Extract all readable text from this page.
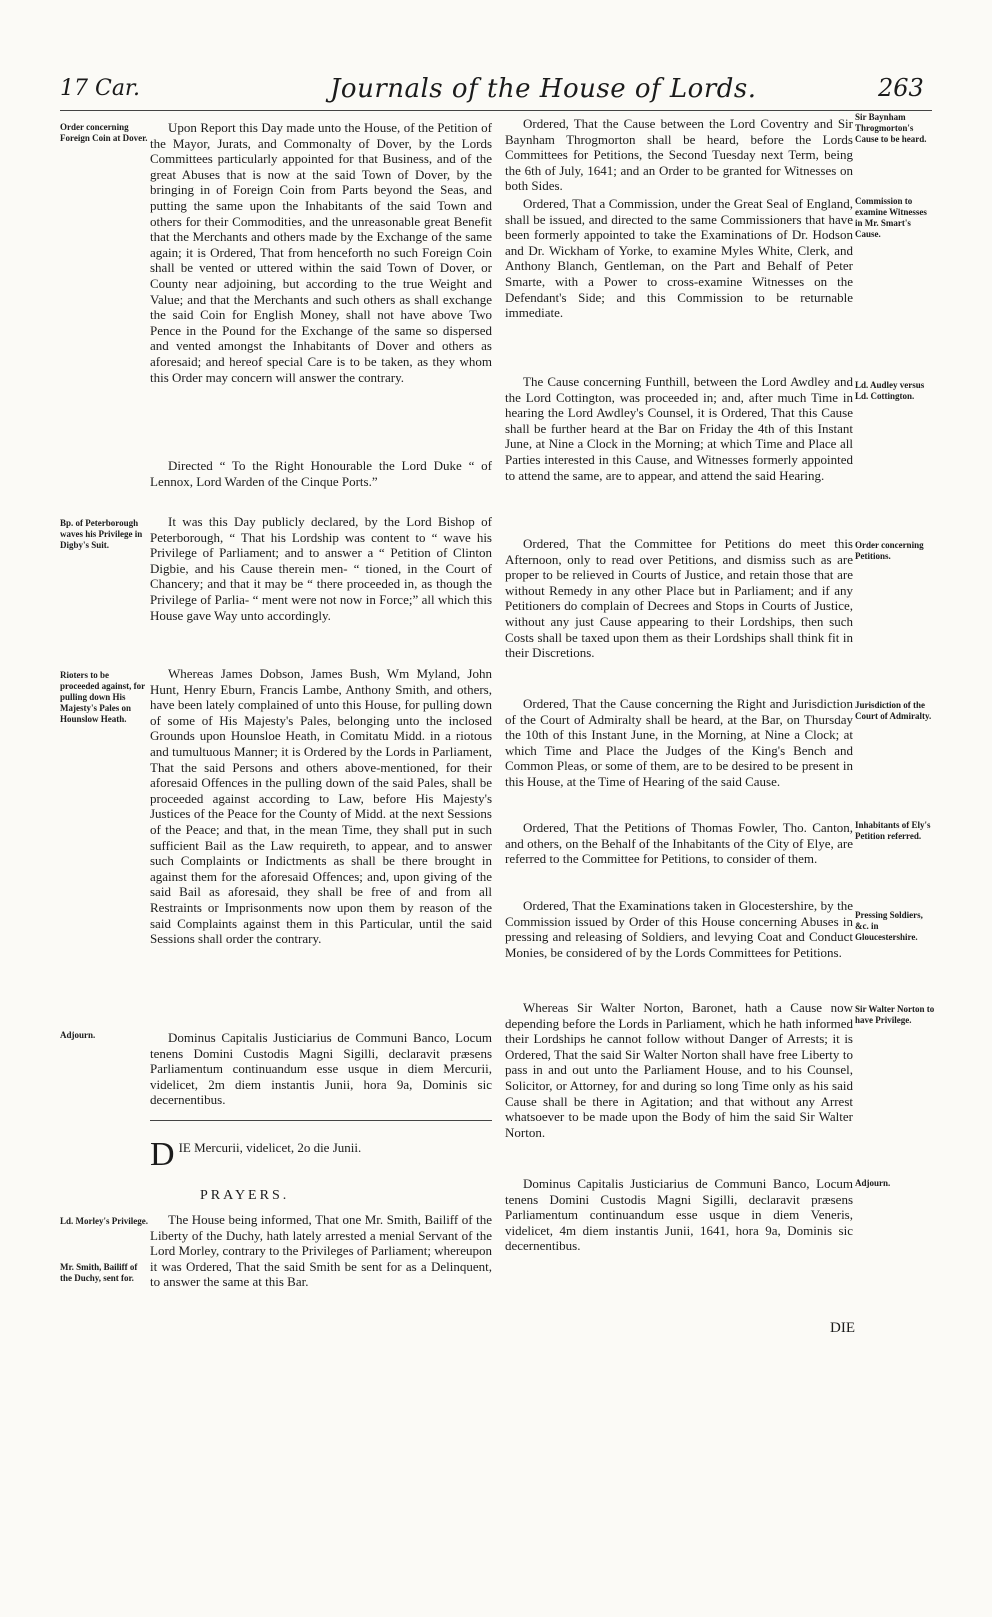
17 Car.	Journals of the House of Lords.	263
Order concerning Foreign Coin at Dover.
Bp. of Peterborough waves his Privilege in Digby's Suit.
Rioters to be proceeded against, for pulling down His Majesty's Pales on Hounslow Heath.
Adjourn.
Ld. Morley's Privilege.
Mr. Smith, Bailiff of the Duchy, sent for.
Sir Baynham Throgmorton's Cause to be heard.
Commission to examine Witnesses in Mr. Smart's Cause.
Ld. Audley versus Ld. Cottington.
Order concerning Petitions.
Jurisdiction of the Court of Admiralty.
Inhabitants of Ely's Petition referred.
Pressing Soldiers, &c. in Gloucestershire.
Sir Walter Norton to have Privilege.
Adjourn.
Upon Report this Day made unto the House, of the Petition of the Mayor, Jurats, and Commonalty of Dover, by the Lords Committees particularly appointed for that Business, and of the great Abuses that is now at the said Town of Dover, by the bringing in of Foreign Coin from Parts beyond the Seas, and putting the same upon the Inhabitants of the said Town and others for their Commodities, and the unreasonable great Benefit that the Merchants and others made by the Exchange of the same again; it is Ordered, That from henceforth no such Foreign Coin shall be vented or uttered within the said Town of Dover, or County near adjoining, but according to the true Weight and Value; and that the Merchants and such others as shall exchange the said Coin for English Money, shall not have above Two Pence in the Pound for the Exchange of the same so dispersed and vented amongst the Inhabitants of Dover and others as aforesaid; and hereof special Care is to be taken, as they whom this Order may concern will answer the contrary.
Directed “ To the Right Honourable the Lord Duke “ of Lennox, Lord Warden of the Cinque Ports.”
It was this Day publicly declared, by the Lord Bishop of Peterborough, “ That his Lordship was content to “ wave his Privilege of Parliament; and to answer a “ Petition of Clinton Digbie, and his Cause therein men- “ tioned, in the Court of Chancery; and that it may be “ there proceeded in, as though the Privilege of Parlia- “ ment were not now in Force;” all which this House gave Way unto accordingly.
Whereas James Dobson, James Bush, Wm Myland, John Hunt, Henry Eburn, Francis Lambe, Anthony Smith, and others, have been lately complained of unto this House, for pulling down of some of His Majesty's Pales, belonging unto the inclosed Grounds upon Hounsloe Heath, in Comitatu Midd. in a riotous and tumultuous Manner; it is Ordered by the Lords in Parliament, That the said Persons and others above-mentioned, for their aforesaid Offences in the pulling down of the said Pales, shall be proceeded against according to Law, before His Majesty's Justices of the Peace for the County of Midd. at the next Sessions of the Peace; and that, in the mean Time, they shall put in such sufficient Bail as the Law requireth, to appear, and to answer such Complaints or Indictments as shall be there brought in against them for the aforesaid Offences; and, upon giving of the said Bail as aforesaid, they shall be free of and from all Restraints or Imprisonments now upon them by reason of the said Complaints against them in this Particular, until the said Sessions shall order the contrary.
Dominus Capitalis Justiciarius de Communi Banco, Locum tenens Domini Custodis Magni Sigilli, declaravit præsens Parliamentum continuandum esse usque in diem Mercurii, videlicet, 2m diem instantis Junii, hora 9a, Dominis sic decernentibus.
D IE Mercurii, videlicet, 2o die Junii.
PRAYERS.
The House being informed, That one Mr. Smith, Bailiff of the Liberty of the Duchy, hath lately arrested a menial Servant of the Lord Morley, contrary to the Privileges of Parliament; whereupon it was Ordered, That the said Smith be sent for as a Delinquent, to answer the same at this Bar.
Ordered, That the Cause between the Lord Coventry and Sir Baynham Throgmorton shall be heard, before the Lords Committees for Petitions, the Second Tuesday next Term, being the 6th of July, 1641; and an Order to be granted for Witnesses on both Sides.
Ordered, That a Commission, under the Great Seal of England, shall be issued, and directed to the same Commissioners that have been formerly appointed to take the Examinations of Dr. Hodson and Dr. Wickham of Yorke, to examine Myles White, Clerk, and Anthony Blanch, Gentleman, on the Part and Behalf of Peter Smarte, with a Power to cross-examine Witnesses on the Defendant's Side; and this Commission to be returnable immediate.
The Cause concerning Funthill, between the Lord Awdley and the Lord Cottington, was proceeded in; and, after much Time in hearing the Lord Awdley's Counsel, it is Ordered, That this Cause shall be further heard at the Bar on Friday the 4th of this Instant June, at Nine a Clock in the Morning; at which Time and Place all Parties interested in this Cause, and Witnesses formerly appointed to attend the same, are to appear, and attend the said Hearing.
Ordered, That the Committee for Petitions do meet this Afternoon, only to read over Petitions, and dismiss such as are proper to be relieved in Courts of Justice, and retain those that are without Remedy in any other Place but in Parliament; and if any Petitioners do complain of Decrees and Stops in Courts of Justice, without any just Cause appearing to their Lordships, then such Costs shall be taxed upon them as their Lordships shall think fit in their Discretions.
Ordered, That the Cause concerning the Right and Jurisdiction of the Court of Admiralty shall be heard, at the Bar, on Thursday the 10th of this Instant June, in the Morning, at Nine a Clock; at which Time and Place the Judges of the King's Bench and Common Pleas, or some of them, are to be desired to be present in this House, at the Time of Hearing of the said Cause.
Ordered, That the Petitions of Thomas Fowler, Tho. Canton, and others, on the Behalf of the Inhabitants of the City of Elye, are referred to the Committee for Petitions, to consider of them.
Ordered, That the Examinations taken in Glocestershire, by the Commission issued by Order of this House concerning Abuses in pressing and releasing of Soldiers, and levying Coat and Conduct Monies, be considered of by the Lords Committees for Petitions.
Whereas Sir Walter Norton, Baronet, hath a Cause now depending before the Lords in Parliament, which he hath informed their Lordships he cannot follow without Danger of Arrests; it is Ordered, That the said Sir Walter Norton shall have free Liberty to pass in and out unto the Parliament House, and to his Counsel, Solicitor, or Attorney, for and during so long Time only as his said Cause shall be there in Agitation; and that without any Arrest whatsoever to be made upon the Body of him the said Sir Walter Norton.
Dominus Capitalis Justiciarius de Communi Banco, Locum tenens Domini Custodis Magni Sigilli, declaravit præsens Parliamentum continuandum esse usque in diem Veneris, videlicet, 4m diem instantis Junii, 1641, hora 9a, Dominis sic decernentibus.
DIE
